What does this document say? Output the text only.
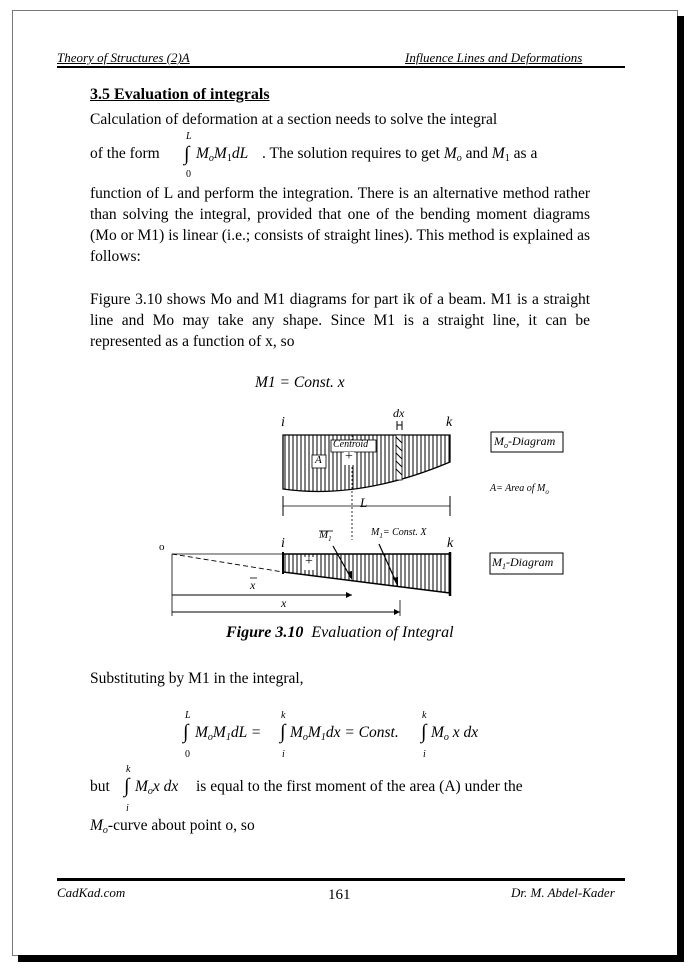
Theory of Structures (2)A	Influence Lines and Deformations
3.5 Evaluation of integrals
Calculation of deformation at a section needs to solve the integral
of the form
L
∫
0
$M_oM_1dL$ . The solution requires to get $M_o$ and $M_1$ as a
function of L and perform the integration. There is an alternative method rather than solving the integral, provided that one of the bending moment diagrams (Mo or M1) is linear (i.e.; consists of straight lines). This method is explained as follows:
Figure 3.10 shows Mo and M1 diagrams for part ik of a beam. M1 is a straight line and Mo may take any shape. Since M1 is a straight line, it can be represented as a function of x, so
M1 = Const. x
dx
i	k
Centroid
A +
L
$M_o$-Diagram
A= Area of $M_o$
o	i	k
$M_1$
$M_1=$ Const. X
+	$M_1$-Diagram
x
x
Figure 3.10 Evaluation of Integral
Substituting by M1 in the integral,
L
∫
0
$M_oM_1dL$ =
k
∫
i
$M_oM_1dx$ = Const.
k
∫
i
$M_o$ x dx
but
k
∫
i
$M_ox$ dx is equal to the first moment of the area (A) under the
$M_o$-curve about point o, so
CadKad.com	161	Dr. M. Abdel-Kader
